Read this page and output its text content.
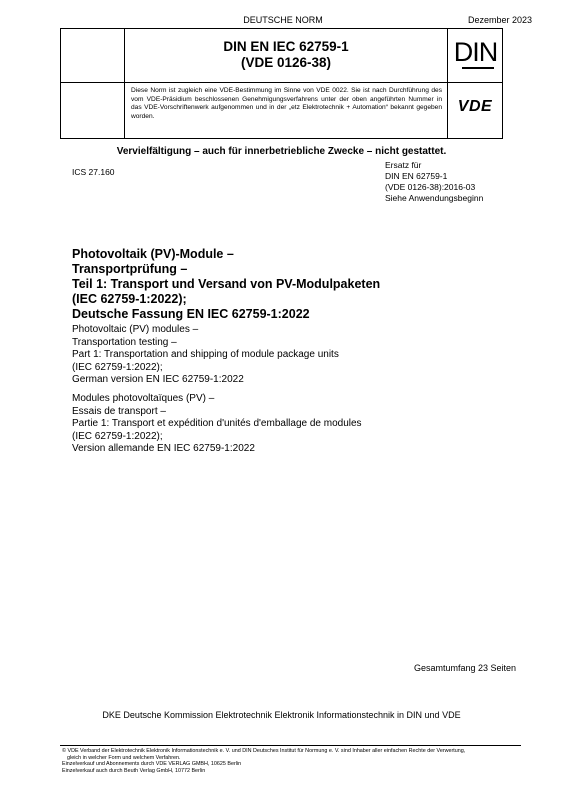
DEUTSCHE NORM	Dezember 2023
DIN EN IEC 62759-1
(VDE 0126-38)	DIN
Diese Norm ist zugleich eine VDE-Bestimmung im Sinne von VDE 0022. Sie ist nach Durchführung des vom VDE-Präsidium beschlossenen Genehmigungsverfahrens unter der oben angeführten Nummer in das VDE-Vorschriftenwerk aufgenommen und in der „etz Elektrotechnik + Automation“ bekannt gegeben worden.
VDE
Vervielfältigung – auch für innerbetriebliche Zwecke – nicht gestattet.
ICS 27.160
Ersatz für
DIN EN 62759-1
(VDE 0126-38):2016-03
Siehe Anwendungsbeginn
Photovoltaik (PV)-Module –
Transportprüfung –
Teil 1: Transport und Versand von PV-Modulpaketen
(IEC 62759-1:2022);
Deutsche Fassung EN IEC 62759-1:2022
Photovoltaic (PV) modules –
Transportation testing –
Part 1: Transportation and shipping of module package units
(IEC 62759-1:2022);
German version EN IEC 62759-1:2022
Modules photovoltaïques (PV) –
Essais de transport –
Partie 1: Transport et expédition d'unités d'emballage de modules
(IEC 62759-1:2022);
Version allemande EN IEC 62759-1:2022
Gesamtumfang 23 Seiten
DKE Deutsche Kommission Elektrotechnik Elektronik Informationstechnik in DIN und VDE
© VDE Verband der Elektrotechnik Elektronik Informationstechnik e. V. und DIN Deutsches Institut für Normung e. V. sind Inhaber aller einfachen Rechte der Verwertung,
gleich in welcher Form und welchem Verfahren.
Einzelverkauf und Abonnements durch VDE VERLAG GMBH, 10625 Berlin
Einzelverkauf auch durch Beuth Verlag GmbH, 10772 Berlin
